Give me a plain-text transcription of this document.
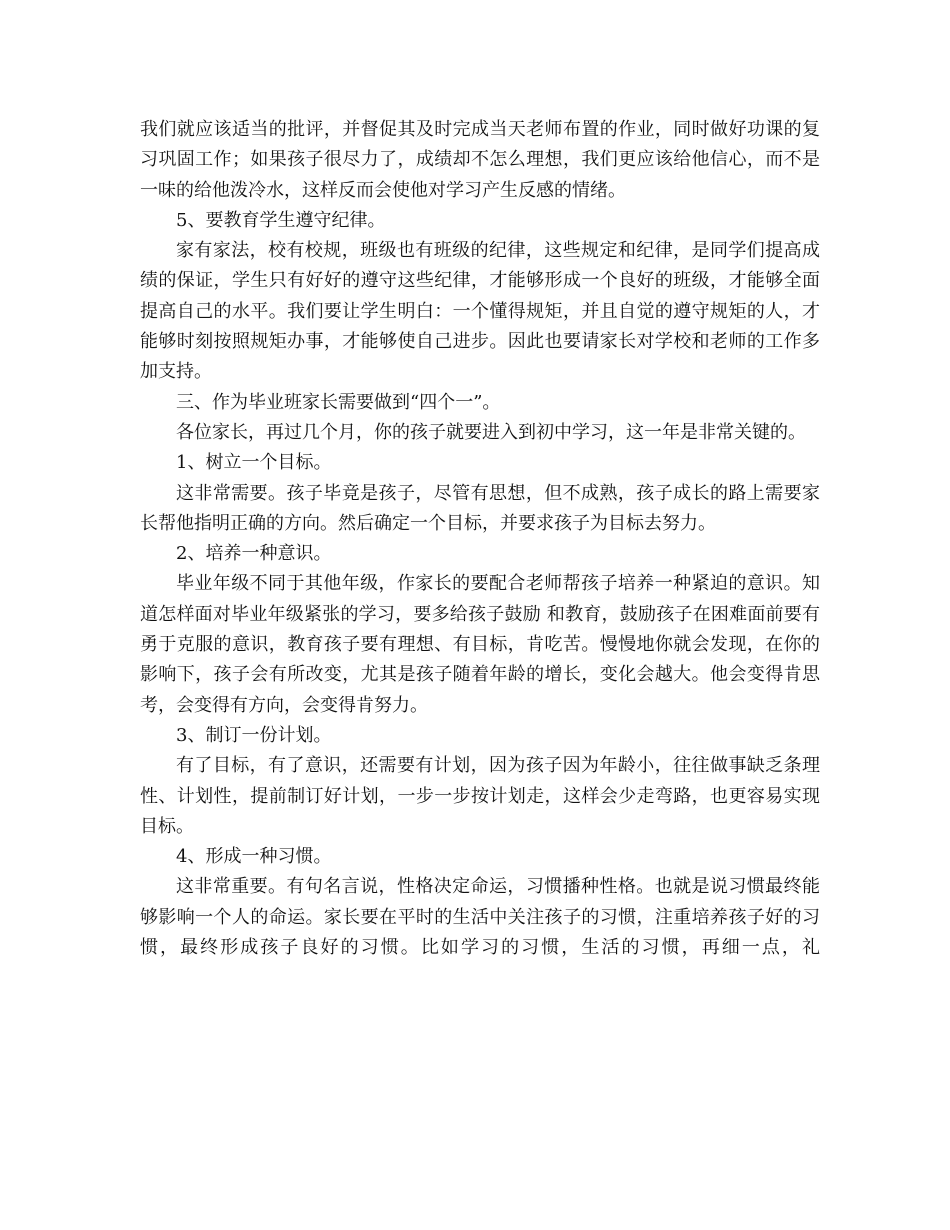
我们就应该适当的批评，并督促其及时完成当天老师布置的作业，同时做好功课的复习巩固工作；如果孩子很尽力了，成绩却不怎么理想，我们更应该给他信心，而不是一味的给他泼冷水，这样反而会使他对学习产生反感的情绪。

5、要教育学生遵守纪律。

家有家法，校有校规，班级也有班级的纪律，这些规定和纪律，是同学们提高成绩的保证，学生只有好好的遵守这些纪律，才能够形成一个良好的班级，才能够全面提高自己的水平。我们要让学生明白：一个懂得规矩，并且自觉的遵守规矩的人，才能够时刻按照规矩办事，才能够使自己进步。因此也要请家长对学校和老师的工作多加支持。

三、作为毕业班家长需要做到“四个一”。

各位家长，再过几个月，你的孩子就要进入到初中学习，这一年是非常关键的。

1、树立一个目标。

这非常需要。孩子毕竟是孩子，尽管有思想，但不成熟，孩子成长的路上需要家长帮他指明正确的方向。然后确定一个目标，并要求孩子为目标去努力。

2、培养一种意识。

毕业年级不同于其他年级，作家长的要配合老师帮孩子培养一种紧迫的意识。知道怎样面对毕业年级紧张的学习，要多给孩子鼓励 和教育，鼓励孩子在困难面前要有勇于克服的意识，教育孩子要有理想、有目标，肯吃苦。慢慢地你就会发现，在你的影响下，孩子会有所改变，尤其是孩子随着年龄的增长，变化会越大。他会变得肯思考，会变得有方向，会变得肯努力。

3、制订一份计划。

有了目标，有了意识，还需要有计划，因为孩子因为年龄小，往往做事缺乏条理性、计划性，提前制订好计划，一步一步按计划走，这样会少走弯路，也更容易实现目标。

4、形成一种习惯。

这非常重要。有句名言说，性格决定命运，习惯播种性格。也就是说习惯最终能够影响一个人的命运。家长要在平时的生活中关注孩子的习惯，注重培养孩子好的习惯，最终形成孩子良好的习惯。比如学习的习惯，生活的习惯，再细一点，礼
